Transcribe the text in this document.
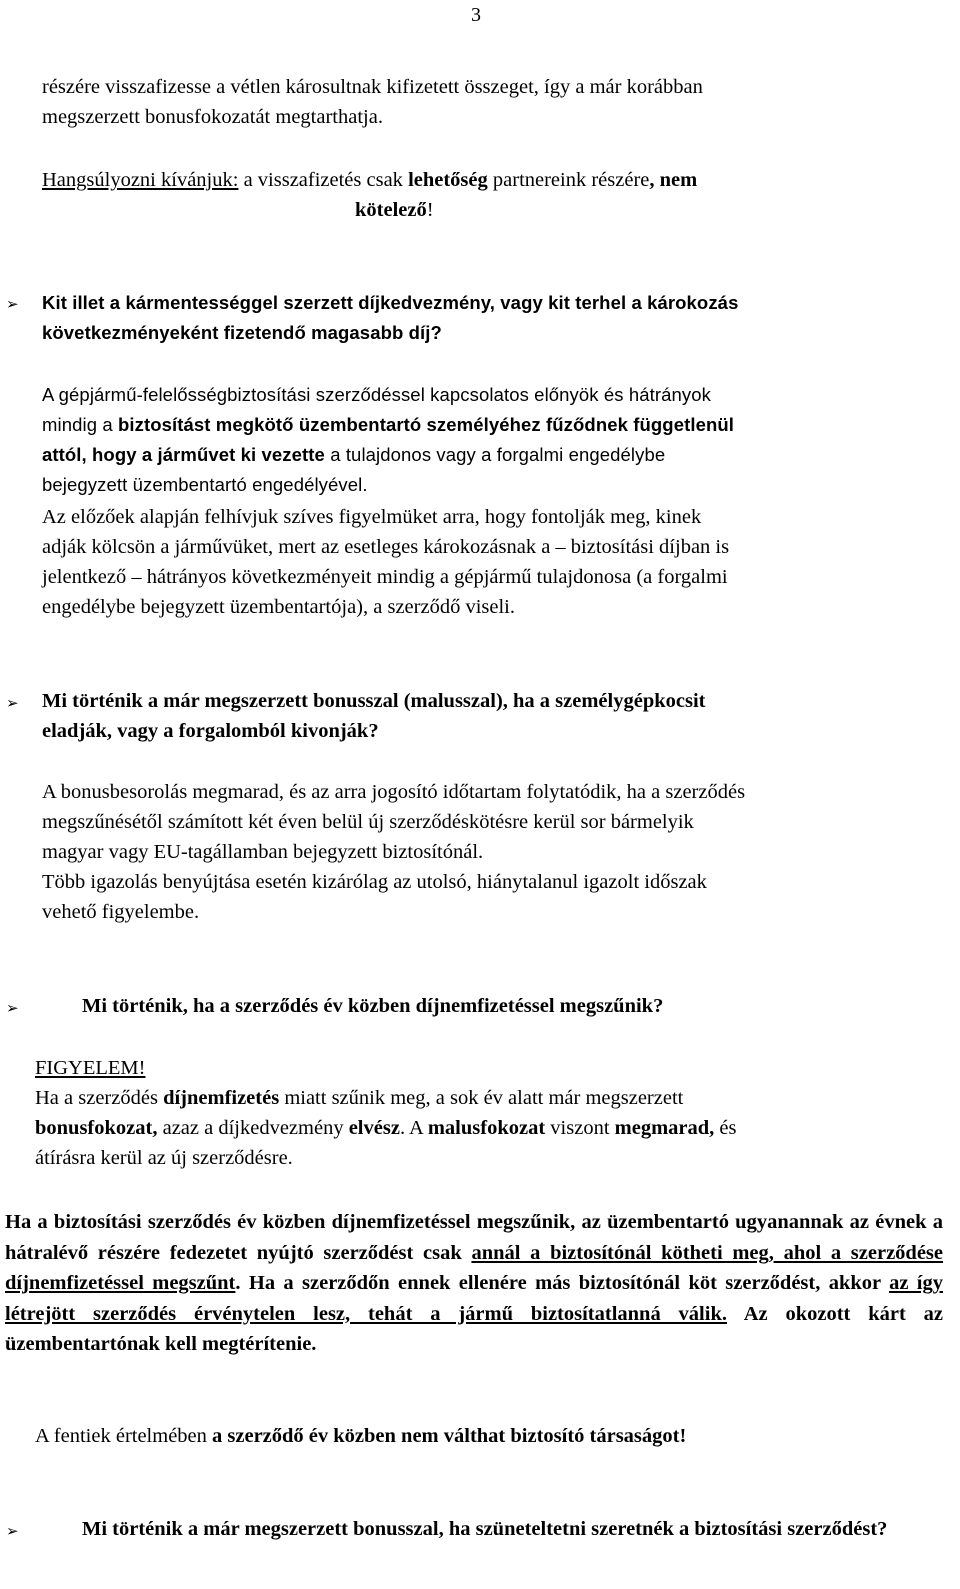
3
részére visszafizesse a vétlen károsultnak kifizetett összeget, így a már korábban
megszerzett bonusfokozatát megtarthatja.
Hangsúlyozni kívánjuk: a visszafizetés csak lehetőség partnereink részére, nem
kötelező!
➢ Kit illet a kármentességgel szerzett díjkedvezmény, vagy kit terhel a károkozás
következményeként fizetendő magasabb díj?
A gépjármű-felelősségbiztosítási szerződéssel kapcsolatos előnyök és hátrányok
mindig a biztosítást megkötő üzembentartó személyéhez fűződnek függetlenül
attól, hogy a járművet ki vezette a tulajdonos vagy a forgalmi engedélybe
bejegyzett üzembentartó engedélyével.
Az előzőek alapján felhívjuk szíves figyelmüket arra, hogy fontolják meg, kinek
adják kölcsön a járművüket, mert az esetleges károkozásnak a – biztosítási díjban is
jelentkező – hátrányos következményeit mindig a gépjármű tulajdonosa (a forgalmi
engedélybe bejegyzett üzembentartója), a szerződő viseli.
➢ Mi történik a már megszerzett bonusszal (malusszal), ha a személygépkocsit
eladják, vagy a forgalomból kivonják?
A bonusbesorolás megmarad, és az arra jogosító időtartam folytatódik, ha a szerződés
megszűnésétől számított két éven belül új szerződéskötésre kerül sor bármelyik
magyar vagy EU-tagállamban bejegyzett biztosítónál.
Több igazolás benyújtása esetén kizárólag az utolsó, hiánytalanul igazolt időszak
vehető figyelembe.
➢	Mi történik, ha a szerződés év közben díjnemfizetéssel megszűnik?
FIGYELEM!
Ha a szerződés díjnemfizetés miatt szűnik meg, a sok év alatt már megszerzett
bonusfokozat, azaz a díjkedvezmény elvész. A malusfokozat viszont megmarad, és
átírásra kerül az új szerződésre.
Ha a biztosítási szerződés év közben díjnemfizetéssel megszűnik, az üzembentartó ugyanannak az évnek a hátralévő részére fedezetet nyújtó szerződést csak annál a biztosítónál kötheti meg, ahol a szerződése díjnemfizetéssel megszűnt. Ha a szerződőn ennek ellenére más biztosítónál köt szerződést, akkor az így létrejött szerződés érvénytelen lesz, tehát a jármű biztosítatlanná válik. Az okozott kárt az üzembentartónak kell megtérítenie.
A fentiek értelmében a szerződő év közben nem válthat biztosító társaságot!
➢	Mi történik a már megszerzett bonusszal, ha szüneteltetni szeretnék a biztosítási szerződést?
